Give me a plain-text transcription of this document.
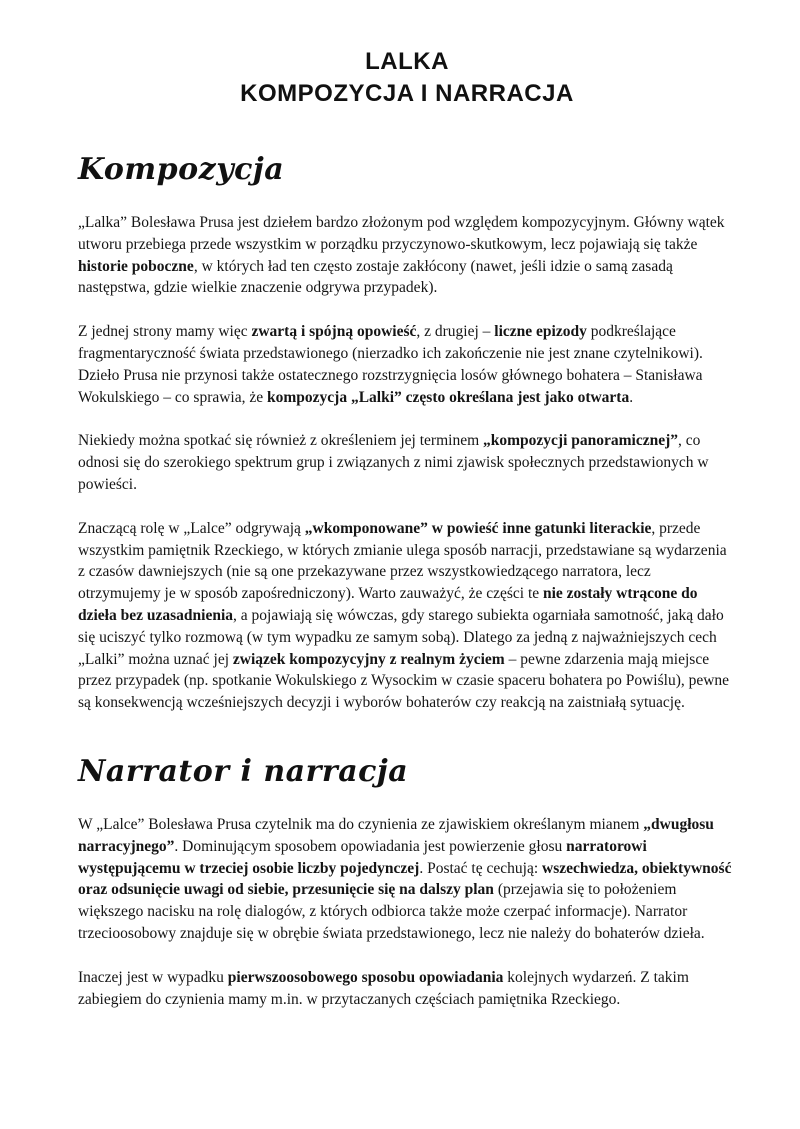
LALKA
KOMPOZYCJA I NARRACJA
Kompozycja

„Lalka” Bolesława Prusa jest dziełem bardzo złożonym pod względem kompozycyjnym. Główny wątek utworu przebiega przede wszystkim w porządku przyczynowo-skutkowym, lecz pojawiają się także historie poboczne, w których ład ten często zostaje zakłócony (nawet, jeśli idzie o samą zasadą następstwa, gdzie wielkie znaczenie odgrywa przypadek).

Z jednej strony mamy więc zwartą i spójną opowieść, z drugiej – liczne epizody podkreślające fragmentaryczność świata przedstawionego (nierzadko ich zakończenie nie jest znane czytelnikowi). Dzieło Prusa nie przynosi także ostatecznego rozstrzygnięcia losów głównego bohatera – Stanisława Wokulskiego – co sprawia, że kompozycja „Lalki” często określana jest jako otwarta.

Niekiedy można spotkać się również z określeniem jej terminem „kompozycji panoramicznej”, co odnosi się do szerokiego spektrum grup i związanych z nimi zjawisk społecznych przedstawionych w powieści.

Znaczącą rolę w „Lalce” odgrywają „wkomponowane” w powieść inne gatunki literackie, przede wszystkim pamiętnik Rzeckiego, w których zmianie ulega sposób narracji, przedstawiane są wydarzenia z czasów dawniejszych (nie są one przekazywane przez wszystkowiedzącego narratora, lecz otrzymujemy je w sposób zapośredniczony). Warto zauważyć, że części te nie zostały wtrącone do dzieła bez uzasadnienia, a pojawiają się wówczas, gdy starego subiekta ogarniała samotność, jaką dało się uciszyć tylko rozmową (w tym wypadku ze samym sobą). Dlatego za jedną z najważniejszych cech „Lalki” można uznać jej związek kompozycyjny z realnym życiem – pewne zdarzenia mają miejsce przez przypadek (np. spotkanie Wokulskiego z Wysockim w czasie spaceru bohatera po Powiślu), pewne są konsekwencją wcześniejszych decyzji i wyborów bohaterów czy reakcją na zaistniałą sytuację.

Narrator i narracja

W „Lalce” Bolesława Prusa czytelnik ma do czynienia ze zjawiskiem określanym mianem „dwugłosu narracyjnego”. Dominującym sposobem opowiadania jest powierzenie głosu narratorowi występującemu w trzeciej osobie liczby pojedynczej. Postać tę cechują: wszechwiedza, obiektywność oraz odsunięcie uwagi od siebie, przesunięcie się na dalszy plan (przejawia się to położeniem większego nacisku na rolę dialogów, z których odbiorca także może czerpać informacje). Narrator trzecioosobowy znajduje się w obrębie świata przedstawionego, lecz nie należy do bohaterów dzieła.

Inaczej jest w wypadku pierwszoosobowego sposobu opowiadania kolejnych wydarzeń. Z takim zabiegiem do czynienia mamy m.in. w przytaczanych częściach pamiętnika Rzeckiego.
